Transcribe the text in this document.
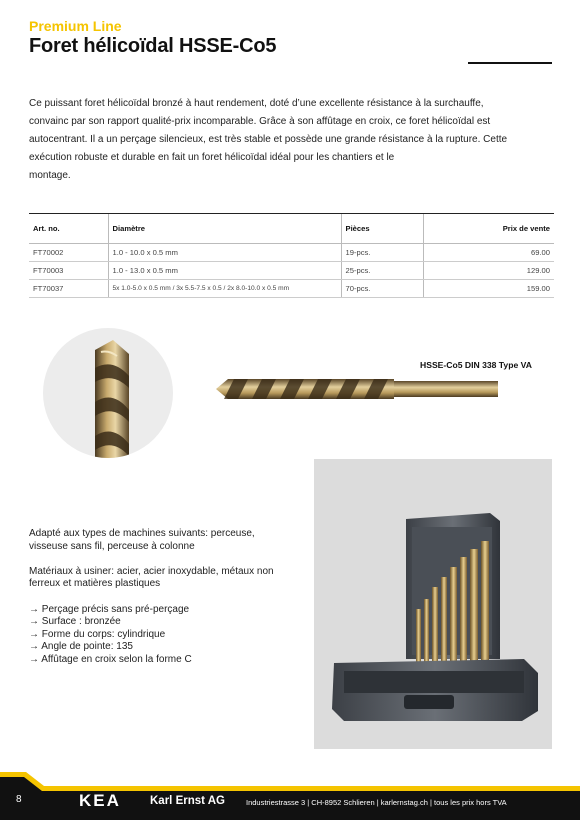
Premium Line
Foret hélicoïdal HSSE-Co5
Ce puissant foret hélicoïdal bronzé à haut rendement, doté d’une excellente résistance à la surchauffe,
convainc par son rapport qualité-prix incomparable. Grâce à son affûtage en croix, ce foret hélicoïdal est
autocentrant. Il a un perçage silencieux, est très stable et possède une grande résistance à la rupture. Cette
exécution robuste et durable en fait un foret hélicoïdal idéal pour les chantiers et le
montage.
Art. no.	Diamètre	Pièces	Prix de vente
FT70002	1.0 - 10.0 x 0.5 mm	19-pcs.	69.00
FT70003	1.0 - 13.0 x 0.5 mm	25-pcs.	129.00
FT70037	5x 1.0-5.0 x 0.5 mm / 3x 5.5-7.5 x 0.5 / 2x 8.0-10.0 x 0.5 mm	70-pcs.	159.00
HSSE-Co5 DIN 338 Type VA

Adapté aux types de machines suivants: perceuse,

visseuse sans fil, perceuse à colonne

Matériaux à usiner: acier, acier inoxydable, métaux non

ferreux et matières plastiques

→ Perçage précis sans pré-perçage

→ Surface : bronzée

→ Forme du corps: cylindrique

→ Angle de pointe: 135

→ Affûtage en croix selon la forme C

8	KEA	Karl Ernst AG	Industriestrasse 3 | CH-8952 Schlieren | karlernstag.ch | tous les prix hors TVA
